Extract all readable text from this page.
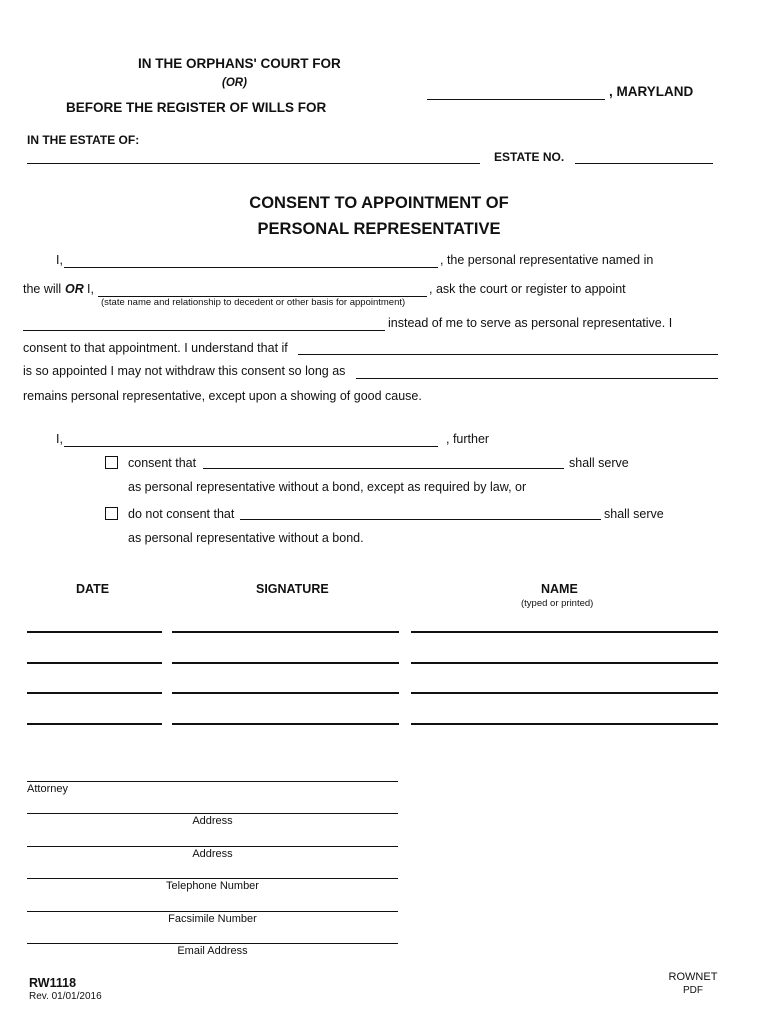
IN THE ORPHANS' COURT FOR
(OR)
BEFORE THE REGISTER OF WILLS FOR
, MARYLAND
IN THE ESTATE OF:
ESTATE NO.
CONSENT TO APPOINTMENT OF
PERSONAL REPRESENTATIVE
I,	, the personal representative named in
the will OR I,	, ask the court or register to appoint
(state name and relationship to decedent or other basis for appointment)
instead of me to serve as personal representative. I
consent to that appointment. I understand that if
is so appointed I may not withdraw this consent so long as
remains personal representative, except upon a showing of good cause.
I,	, further
consent that	shall serve
as personal representative without a bond, except as required by law, or
do not consent that	shall serve
as personal representative without a bond.
DATE	SIGNATURE	NAME
(typed or printed)
Attorney
Address
Address
Telephone Number
Facsimile Number
Email Address
RW1118
Rev. 01/01/2016
ROWNET
PDF
